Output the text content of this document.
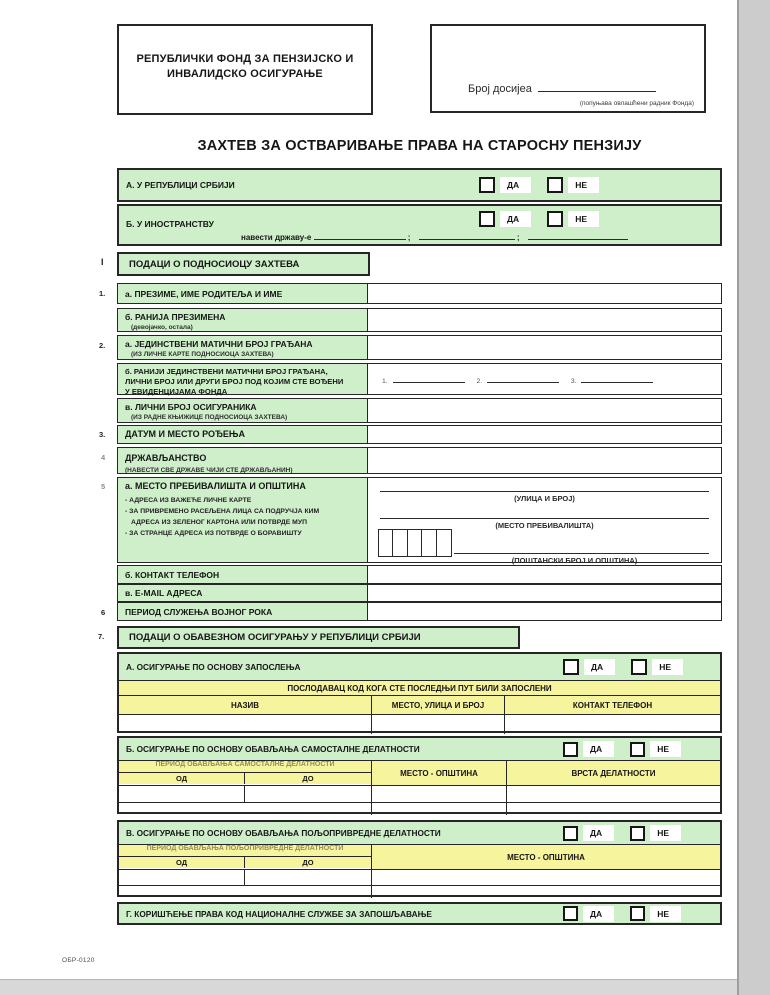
РЕПУБЛИЧКИ ФОНД ЗА ПЕНЗИЈСКО И
ИНВАЛИДСКО ОСИГУРАЊЕ
Број досијеа
(попуњава овлашћени радник Фонда)
ЗАХТЕВ ЗА ОСТВАРИВАЊЕ ПРАВА НА СТАРОСНУ ПЕНЗИЈУ
А. У РЕПУБЛИЦИ СРБИЈИ	ДА	НЕ
Б. У ИНОСТРАНСТВУ	ДА	НЕ
навести државу-е	;	;
I	ПОДАЦИ О ПОДНОСИОЦУ ЗАХТЕВА
1. а. ПРЕЗИМЕ, ИМЕ РОДИТЕЉА И ИМЕ
б. РАНИЈА ПРЕЗИМЕНА
(девојачко, остала)
2. а. ЈЕДИНСТВЕНИ МАТИЧНИ БРОЈ ГРАЂАНА
(ИЗ ЛИЧНЕ КАРТЕ ПОДНОСИОЦА ЗАХТЕВА)
б. РАНИЈИ ЈЕДИНСТВЕНИ МАТИЧНИ БРОЈ ГРАЂАНА,
ЛИЧНИ БРОЈ ИЛИ ДРУГИ БРОЈ ПОД КОЈИМ СТЕ ВОЂЕНИ
У ЕВИДЕНЦИЈАМА ФОНДА
1.	2.	3.
в. ЛИЧНИ БРОЈ ОСИГУРАНИКА
(ИЗ РАДНЕ КЊИЖИЦЕ ПОДНОСИОЦА ЗАХТЕВА)
3. ДАТУМ И МЕСТО РОЂЕЊА
4 ДРЖАВЉАНСТВО
(НАВЕСТИ СВЕ ДРЖАВЕ ЧИЈИ СТЕ ДРЖАВЉАНИН)
5 а. МЕСТО ПРЕБИВАЛИШТА И ОПШТИНА
- АДРЕСА ИЗ ВАЖЕЋЕ ЛИЧНЕ КАРТЕ
- ЗА ПРИВРЕМЕНО РАСЕЉЕНА ЛИЦА СА ПОДРУЧЈА КИМ
АДРЕСА ИЗ ЗЕЛЕНОГ КАРТОНА ИЛИ ПОТВРДЕ МУП
- ЗА СТРАНЦЕ АДРЕСА ИЗ ПОТВРДЕ О БОРАВИШТУ
(УЛИЦА И БРОЈ)
(МЕСТО ПРЕБИВАЛИШТА)
(ПОШТАНСКИ БРОЈ И ОПШТИНА)
б. КОНТАКТ ТЕЛЕФОН
в. E-MAIL АДРЕСА
6 ПЕРИОД СЛУЖЕЊА ВОЈНОГ РОКА
7.	ПОДАЦИ О ОБАВЕЗНОМ ОСИГУРАЊУ У РЕПУБЛИЦИ СРБИЈИ
А. ОСИГУРАЊЕ ПО ОСНОВУ ЗАПОСЛЕЊА	ДА	НЕ
ПОСЛОДАВАЦ КОД КОГА СТЕ ПОСЛЕДЊИ ПУТ БИЛИ ЗАПОСЛЕНИ
НАЗИВ	МЕСТО, УЛИЦА И БРОЈ	КОНТАКТ ТЕЛЕФОН
Б. ОСИГУРАЊЕ ПО ОСНОВУ ОБАВЉАЊА САМОСТАЛНЕ ДЕЛАТНОСТИ	ДА	НЕ
ПЕРИОД ОБАВЉАЊА САМОСТАЛНЕ ДЕЛАТНОСТИ
ОД	ДО
МЕСТО - ОПШТИНА	ВРСТА ДЕЛАТНОСТИ
В. ОСИГУРАЊЕ ПО ОСНОВУ ОБАВЉАЊА ПОЉОПРИВРЕДНЕ ДЕЛАТНОСТИ	ДА	НЕ
ПЕРИОД ОБАВЉАЊА ПОЉОПРИВРЕДНЕ ДЕЛАТНОСТИ
ОД	ДО
МЕСТО - ОПШТИНА
Г. КОРИШЋЕЊЕ ПРАВА КОД НАЦИОНАЛНЕ СЛУЖБЕ ЗА ЗАПОШЉАВАЊЕ	ДА	НЕ
ОБР-0120
